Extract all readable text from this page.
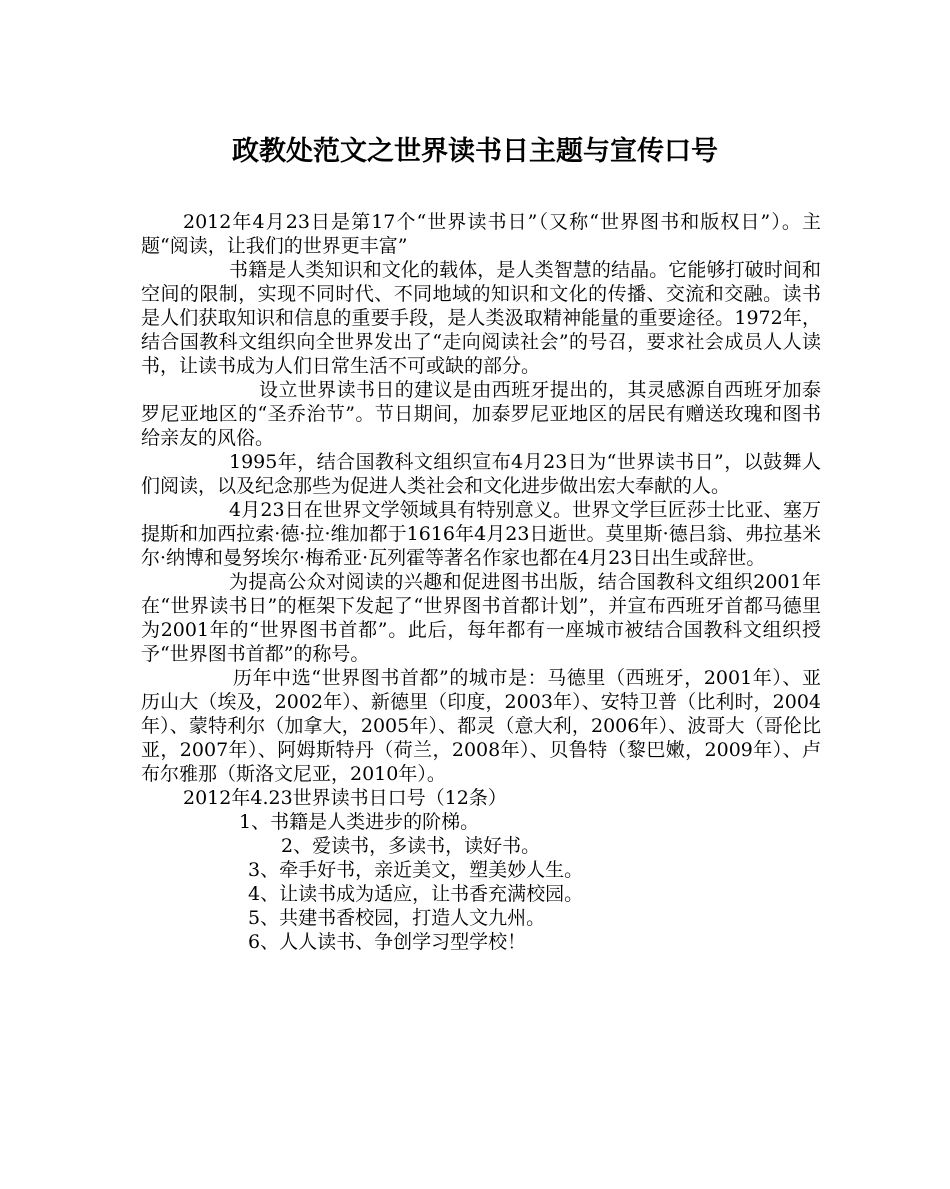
政教处范文之世界读书日主题与宣传口号

2012年4月23日是第17个“世界读书日”（又称“世界图书和版权日”）。主题“阅读，让我们的世界更丰富”

书籍是人类知识和文化的载体，是人类智慧的结晶。它能够打破时间和空间的限制，实现不同时代、不同地域的知识和文化的传播、交流和交融。读书是人们获取知识和信息的重要手段，是人类汲取精神能量的重要途径。1972年，结合国教科文组织向全世界发出了“走向阅读社会”的号召，要求社会成员人人读书，让读书成为人们日常生活不可或缺的部分。

设立世界读书日的建议是由西班牙提出的，其灵感源自西班牙加泰罗尼亚地区的“圣乔治节”。节日期间，加泰罗尼亚地区的居民有赠送玫瑰和图书给亲友的风俗。

1995年，结合国教科文组织宣布4月23日为“世界读书日”，以鼓舞人们阅读，以及纪念那些为促进人类社会和文化进步做出宏大奉献的人。

4月23日在世界文学领域具有特别意义。世界文学巨匠莎士比亚、塞万提斯和加西拉索·德·拉·维加都于1616年4月23日逝世。莫里斯·德吕翁、弗拉基米尔·纳博和曼努埃尔·梅希亚·瓦列霍等著名作家也都在4月23日出生或辞世。

为提高公众对阅读的兴趣和促进图书出版，结合国教科文组织2001年在“世界读书日”的框架下发起了“世界图书首都计划”，并宣布西班牙首都马德里为2001年的“世界图书首都”。此后，每年都有一座城市被结合国教科文组织授予“世界图书首都”的称号。

历年中选“世界图书首都”的城市是：马德里（西班牙，2001年）、亚历山大（埃及，2002年）、新德里（印度，2003年）、安特卫普（比利时，2004年）、蒙特利尔（加拿大，2005年）、都灵（意大利，2006年）、波哥大（哥伦比亚，2007年）、阿姆斯特丹（荷兰，2008年）、贝鲁特（黎巴嫩，2009年）、卢布尔雅那（斯洛文尼亚，2010年）。

2012年4.23世界读书日口号（12条）

1、书籍是人类进步的阶梯。
2、爱读书，多读书，读好书。
3、牵手好书，亲近美文，塑美妙人生。
4、让读书成为适应，让书香充满校园。
5、共建书香校园，打造人文九州。
6、人人读书、争创学习型学校！
